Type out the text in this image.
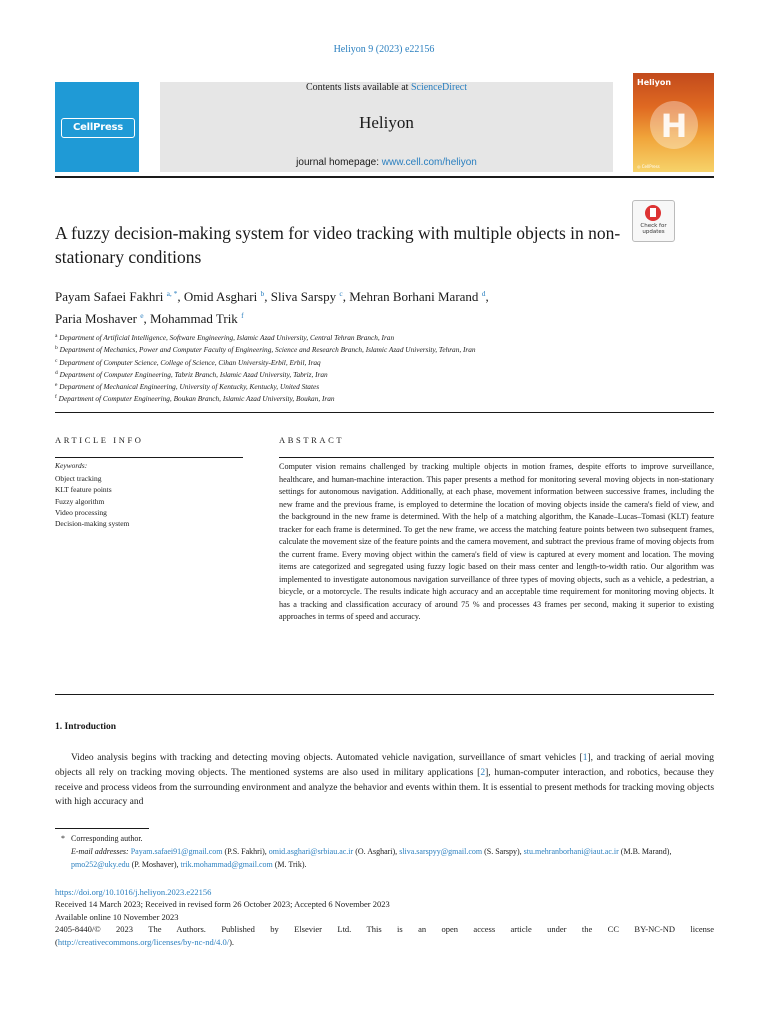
Heliyon 9 (2023) e22156
CellPress
Contents lists available at ScienceDirect
Heliyon
journal homepage: www.cell.com/heliyon
Heliyon
H
◎ CellPress
A fuzzy decision-making system for video tracking with multiple objects in non-stationary conditions
Check for
updates
Payam Safaei Fakhri $^{a, *}$, Omid Asghari $^b$, Sliva Sarspy $^c$, Mehran Borhani Marand $^d$,
Paria Moshaver $^e$, Mohammad Trik $^f$
$^a$ Department of Artificial Intelligence, Software Engineering, Islamic Azad University, Central Tehran Branch, Iran
$^b$ Department of Mechanics, Power and Computer Faculty of Engineering, Science and Research Branch, Islamic Azad University, Tehran, Iran
$^c$ Department of Computer Science, College of Science, Cihan University-Erbil, Erbil, Iraq
$^d$ Department of Computer Engineering, Tabriz Branch, Islamic Azad University, Tabriz, Iran
$^e$ Department of Mechanical Engineering, University of Kentucky, Kentucky, United States
$^f$ Department of Computer Engineering, Boukan Branch, Islamic Azad University, Boukan, Iran
ARTICLE INFO	ABSTRACT
Keywords:
Object tracking
KLT feature points
Fuzzy algorithm
Video processing
Decision-making system
Computer vision remains challenged by tracking multiple objects in motion frames, despite efforts to improve surveillance, healthcare, and human-machine interaction. This paper presents a method for monitoring several moving objects in non-stationary settings for autonomous navigation. Additionally, at each phase, movement information between successive frames, including the new frame and the previous frame, is employed to determine the location of moving objects inside the camera's field of view, and the background in the new frame is determined. With the help of a matching algorithm, the Kanade–Lucas–Tomasi (KLT) feature tracker for each frame is determined. To get the new frame, we access the matching feature points between two subsequent frames, calculate the movement size of the feature points and the camera movement, and subtract the previous frame of moving objects from the current frame. Every moving object within the camera's field of view is captured at every moment and location. The moving items are categorized and segregated using fuzzy logic based on their mass center and length-to-width ratio. Our algorithm was implemented to investigate autonomous navigation surveillance of three types of moving objects, such as a vehicle, a pedestrian, a bicycle, or a motorcycle. The results indicate high accuracy and an acceptable time requirement for monitoring moving objects. It has a tracking and classification accuracy of around 75 % and processes 43 frames per second, making it superior to existing approaches in terms of speed and accuracy.
1. Introduction
Video analysis begins with tracking and detecting moving objects. Automated vehicle navigation, surveillance of smart vehicles [1], and tracking of aerial moving objects all rely on tracking moving objects. The mentioned systems are also used in military applications [2], human-computer interaction, and robotics, because they receive and process videos from the surrounding environment and analyze the behavior and events within them. It is essential to present methods for tracking moving objects with high accuracy and
* Corresponding author.
E-mail addresses: Payam.safaei91@gmail.com (P.S. Fakhri), omid.asghari@srbiau.ac.ir (O. Asghari), sliva.sarspyy@gmail.com (S. Sarspy), stu.mehranborhani@iaut.ac.ir (M.B. Marand), pmo252@uky.edu (P. Moshaver), trik.mohammad@gmail.com (M. Trik).
https://doi.org/10.1016/j.heliyon.2023.e22156
Received 14 March 2023; Received in revised form 26 October 2023; Accepted 6 November 2023
Available online 10 November 2023
2405-8440/© 2023 The Authors. Published by Elsevier Ltd. This is an open access article under the CC BY-NC-ND license
(http://creativecommons.org/licenses/by-nc-nd/4.0/).
